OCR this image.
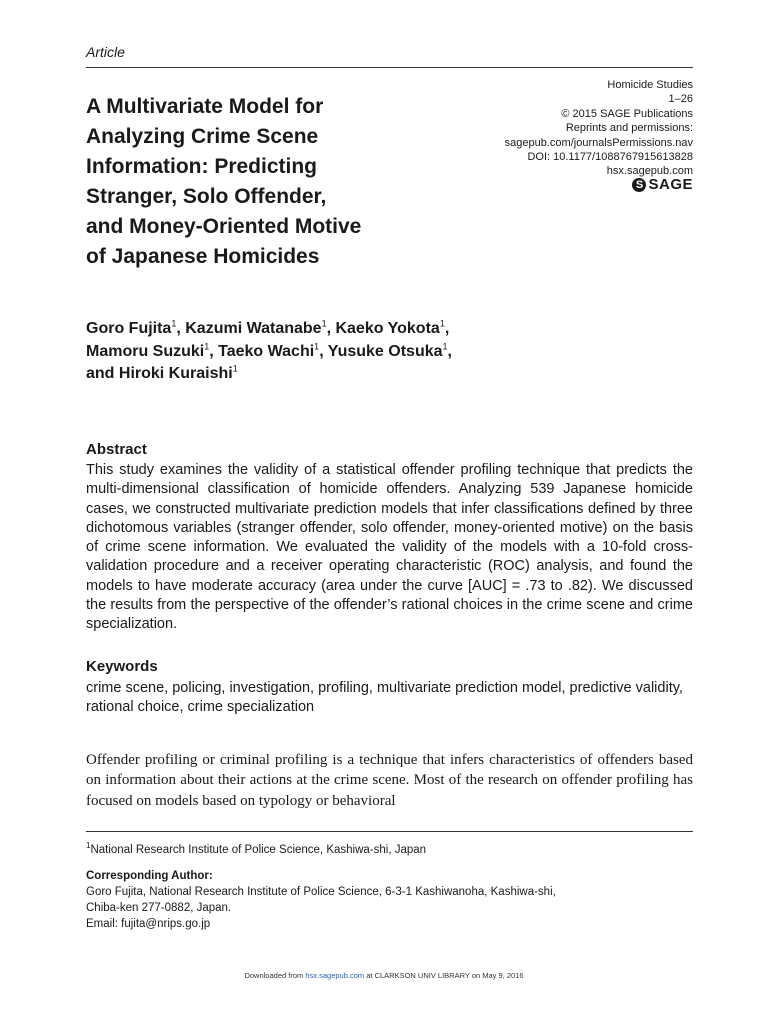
Article
A Multivariate Model for
Analyzing Crime Scene
Information: Predicting
Stranger, Solo Offender,
and Money-Oriented Motive
of Japanese Homicides
Homicide Studies
1–26
© 2015 SAGE Publications
Reprints and permissions:
sagepub.com/journalsPermissions.nav
DOI: 10.1177/1088767915613828
hsx.sagepub.com
S SAGE
Goro Fujita$^1$, Kazumi Watanabe$^1$, Kaeko Yokota$^1$,
Mamoru Suzuki$^1$, Taeko Wachi$^1$, Yusuke Otsuka$^1$,
and Hiroki Kuraishi$^1$
Abstract
This study examines the validity of a statistical offender profiling technique that predicts the multi-dimensional classification of homicide offenders. Analyzing 539 Japanese homicide cases, we constructed multivariate prediction models that infer classifications defined by three dichotomous variables (stranger offender, solo offender, money-oriented motive) on the basis of crime scene information. We evaluated the validity of the models with a 10-fold cross-validation procedure and a receiver operating characteristic (ROC) analysis, and found the models to have moderate accuracy (area under the curve [AUC] = .73 to .82). We discussed the results from the perspective of the offender’s rational choices in the crime scene and crime specialization.
Keywords
crime scene, policing, investigation, profiling, multivariate prediction model, predictive validity, rational choice, crime specialization
Offender profiling or criminal profiling is a technique that infers characteristics of offenders based on information about their actions at the crime scene. Most of the research on offender profiling has focused on models based on typology or behavioral
$^1$National Research Institute of Police Science, Kashiwa-shi, Japan
Corresponding Author:
Goro Fujita, National Research Institute of Police Science, 6-3-1 Kashiwanoha, Kashiwa-shi,
Chiba-ken 277-0882, Japan.
Email: fujita@nrips.go.jp
Downloaded from hsx.sagepub.com at CLARKSON UNIV LIBRARY on May 9, 2016
